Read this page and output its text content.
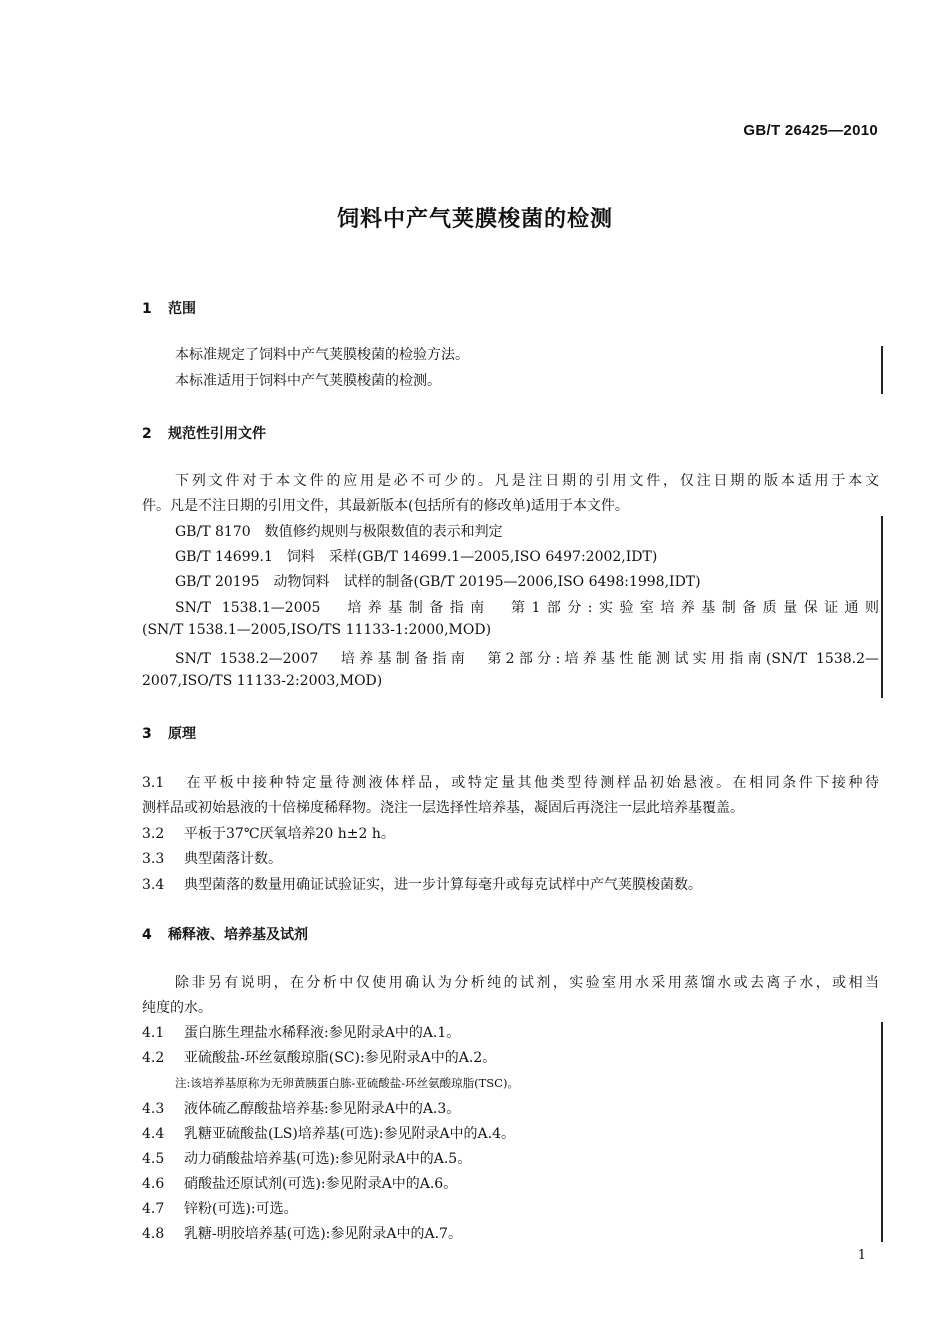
GB/T 26425—2010
饲料中产气荚膜梭菌的检测
1 范围
本标准规定了饲料中产气荚膜梭菌的检验方法。
本标准适用于饲料中产气荚膜梭菌的检测。
2 规范性引用文件
下列文件对于本文件的应用是必不可少的。凡是注日期的引用文件，仅注日期的版本适用于本文
件。凡是不注日期的引用文件，其最新版本(包括所有的修改单)适用于本文件。
GB/T 8170　数值修约规则与极限数值的表示和判定
GB/T 14699.1　饲料　采样(GB/T 14699.1—2005,ISO 6497:2002,IDT)
GB/T 20195　动物饲料　试样的制备(GB/T 20195—2006,ISO 6498:1998,IDT)
SN/T 1538.1—2005　培养基制备指南　第1部分:实验室培养基制备质量保证通则
(SN/T 1538.1—2005,ISO/TS 11133-1:2000,MOD)
SN/T 1538.2—2007　培养基制备指南　第2部分:培养基性能测试实用指南(SN/T 1538.2—
2007,ISO/TS 11133-2:2003,MOD)
3 原理
3.1 在平板中接种特定量待测液体样品，或特定量其他类型待测样品初始悬液。在相同条件下接种待
测样品或初始悬液的十倍梯度稀释物。浇注一层选择性培养基，凝固后再浇注一层此培养基覆盖。
3.2 平板于37℃厌氧培养20 h±2 h。
3.3 典型菌落计数。
3.4 典型菌落的数量用确证试验证实，进一步计算每毫升或每克试样中产气荚膜梭菌数。
4 稀释液、培养基及试剂
除非另有说明，在分析中仅使用确认为分析纯的试剂，实验室用水采用蒸馏水或去离子水，或相当
纯度的水。
4.1 蛋白胨生理盐水稀释液:参见附录A中的A.1。
4.2 亚硫酸盐-环丝氨酸琼脂(SC):参见附录A中的A.2。
注:该培养基原称为无卵黄胰蛋白胨-亚硫酸盐-环丝氨酸琼脂(TSC)。
4.3 液体硫乙醇酸盐培养基:参见附录A中的A.3。
4.4 乳糖亚硫酸盐(LS)培养基(可选):参见附录A中的A.4。
4.5 动力硝酸盐培养基(可选):参见附录A中的A.5。
4.6 硝酸盐还原试剂(可选):参见附录A中的A.6。
4.7 锌粉(可选):可选。
4.8 乳糖-明胶培养基(可选):参见附录A中的A.7。
1
